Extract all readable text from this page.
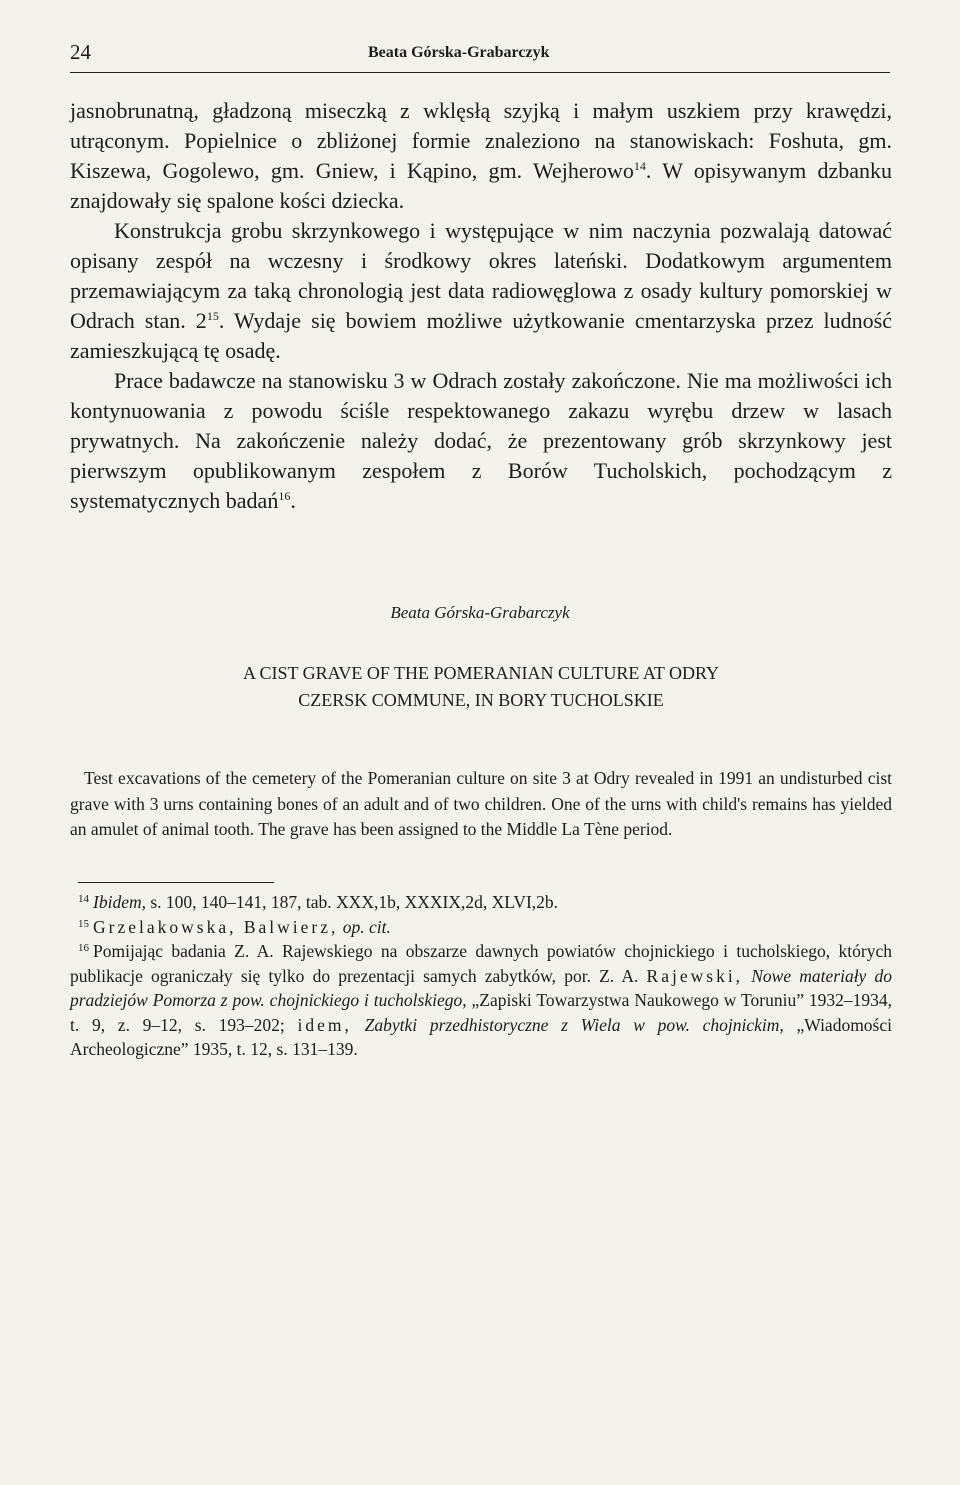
24	Beata Górska-Grabarczyk

jasnobrunatną, gładzoną miseczką z wklęsłą szyjką i małym uszkiem przy krawędzi, utrąconym. Popielnice o zbliżonej formie znaleziono na stanowiskach: Foshuta, gm. Kiszewa, Gogolewo, gm. Gniew, i Kąpino, gm. Wejherowo$^{14}$. W opisywanym dzbanku znajdowały się spalone kości dziecka.

Konstrukcja grobu skrzynkowego i występujące w nim naczynia pozwalają datować opisany zespół na wczesny i środkowy okres lateński. Dodatkowym argumentem przemawiającym za taką chronologią jest data radiowęglowa z osady kultury pomorskiej w Odrach stan. $2^{15}$. Wydaje się bowiem możliwe użytkowanie cmentarzyska przez ludność zamieszkującą tę osadę.

Prace badawcze na stanowisku 3 w Odrach zostały zakończone. Nie ma możliwości ich kontynuowania z powodu ściśle respektowanego zakazu wyrębu drzew w lasach prywatnych. Na zakończenie należy dodać, że prezentowany grób skrzynkowy jest pierwszym opublikowanym zespołem z Borów Tucholskich, pochodzącym z systematycznych badań$^{16}$.

Beata Górska-Grabarczyk

A CIST GRAVE OF THE POMERANIAN CULTURE AT ODRY
CZERSK COMMUNE, IN BORY TUCHOLSKIE

Test excavations of the cemetery of the Pomeranian culture on site 3 at Odry revealed in 1991 an undisturbed cist grave with 3 urns containing bones of an adult and of two children. One of the urns with child's remains has yielded an amulet of animal tooth. The grave has been assigned to the Middle La Tène period.

$^{14}$ Ibidem, s. 100, 140–141, 187, tab. XXX,1b, XXXIX,2d, XLVI,2b.

$^{15}$ Grzelakowska, Balwierz, op. cit.

$^{16}$ Pomijając badania Z. A. Rajewskiego na obszarze dawnych powiatów chojnickiego i tucholskiego, których publikacje ograniczały się tylko do prezentacji samych zabytków, por. Z. A. Rajewski, Nowe materiały do pradziejów Pomorza z pow. chojnickiego i tucholskiego, „Zapiski Towarzystwa Naukowego w Toruniu” 1932–1934, t. 9, z. 9–12, s. 193–202; idem, Zabytki przedhistoryczne z Wiela w pow. chojnickim, „Wiadomości Archeologiczne” 1935, t. 12, s. 131–139.
